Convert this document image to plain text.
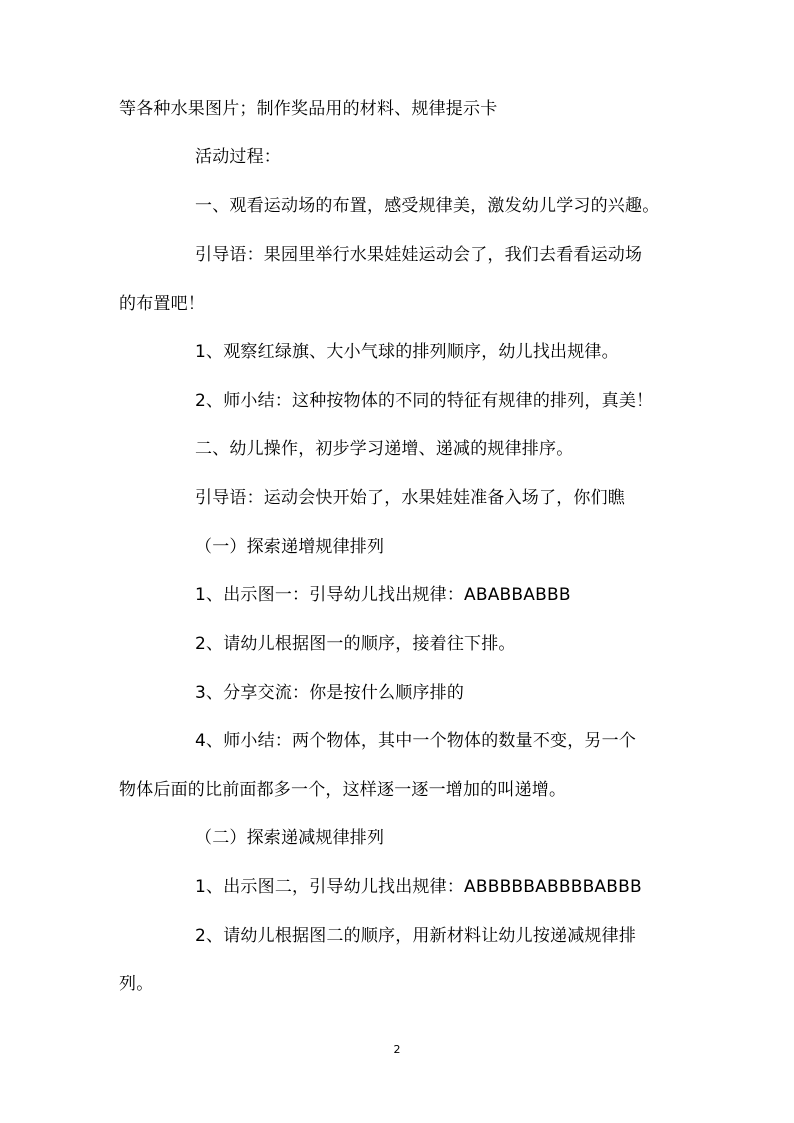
等各种水果图片；制作奖品用的材料、规律提示卡
活动过程：
一、观看运动场的布置，感受规律美，激发幼儿学习的兴趣。
引导语：果园里举行水果娃娃运动会了，我们去看看运动场
的布置吧！
1、观察红绿旗、大小气球的排列顺序，幼儿找出规律。
2、师小结：这种按物体的不同的特征有规律的排列，真美！
二、幼儿操作，初步学习递增、递减的规律排序。
引导语：运动会快开始了，水果娃娃准备入场了，你们瞧
（一）探索递增规律排列
1、出示图一：引导幼儿找出规律：ABABBABBB
2、请幼儿根据图一的顺序，接着往下排。
3、分享交流：你是按什么顺序排的
4、师小结：两个物体，其中一个物体的数量不变，另一个
物体后面的比前面都多一个，这样逐一逐一增加的叫递增。
（二）探索递减规律排列
1、出示图二，引导幼儿找出规律：ABBBBBABBBBABBB
2、请幼儿根据图二的顺序，用新材料让幼儿按递减规律排
列。
2
